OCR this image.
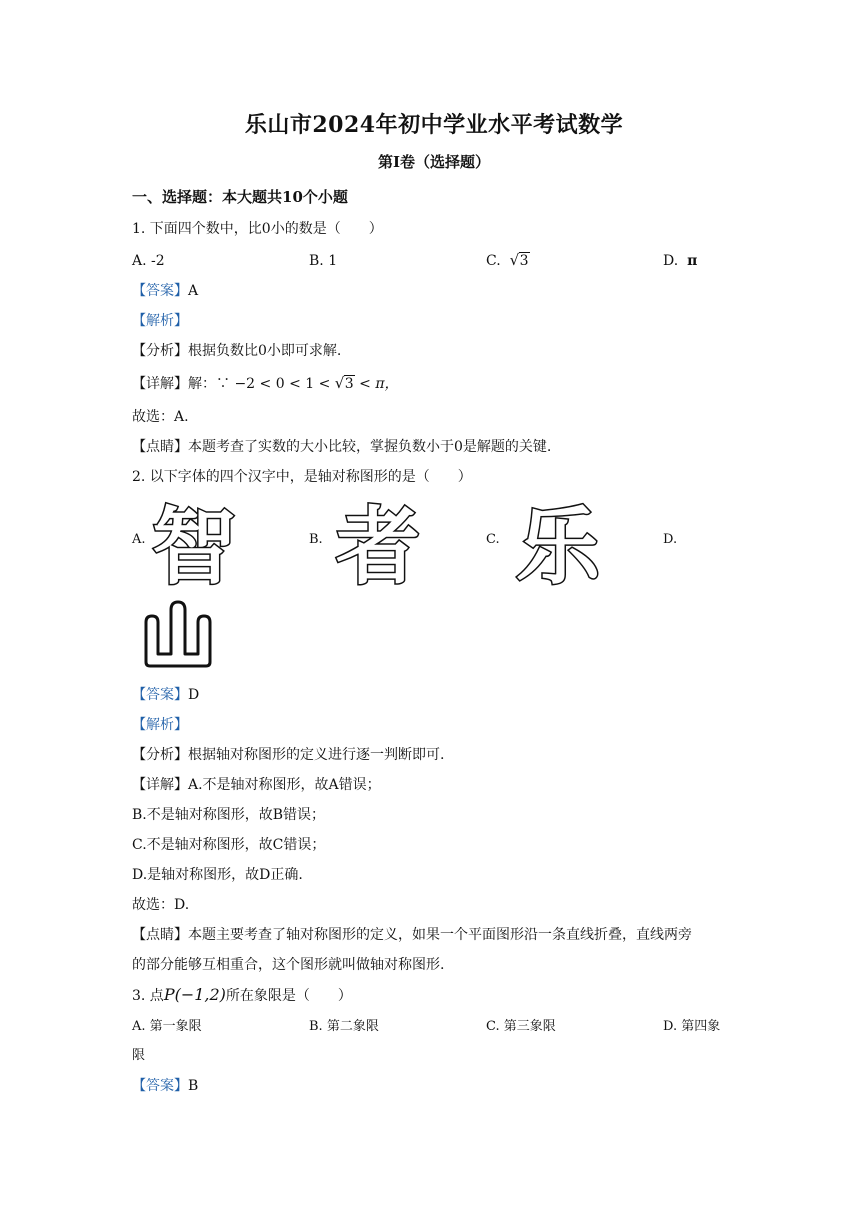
乐山市2024年初中学业水平考试数学
第Ⅰ卷（选择题）
一、选择题：本大题共10个小题
1. 下面四个数中，比0小的数是（　　）
A. -2	B. 1	C. √ 3	D. π
【答案】A
【解析】
【分析】根据负数比0小即可求解.
【详解】解：∵ −2 < 0 < 1 < √ 3 < π，
故选：A.
【点睛】本题考查了实数的大小比较，掌握负数小于0是解题的关键.
2. 以下字体的四个汉字中，是轴对称图形的是（　　）
A.	B.	C.	D.
智 者 乐
【答案】D
【解析】
【分析】根据轴对称图形的定义进行逐一判断即可.
【详解】A.不是轴对称图形，故A错误；
B.不是轴对称图形，故B错误；
C.不是轴对称图形，故C错误；
D.是轴对称图形，故D正确.
故选：D.
【点睛】本题主要考查了轴对称图形的定义，如果一个平面图形沿一条直线折叠，直线两旁
的部分能够互相重合，这个图形就叫做轴对称图形.
3. 点P(−1,2)所在象限是（　　）
A. 第一象限	B. 第二象限	C. 第三象限	D. 第四象
限
【答案】B
